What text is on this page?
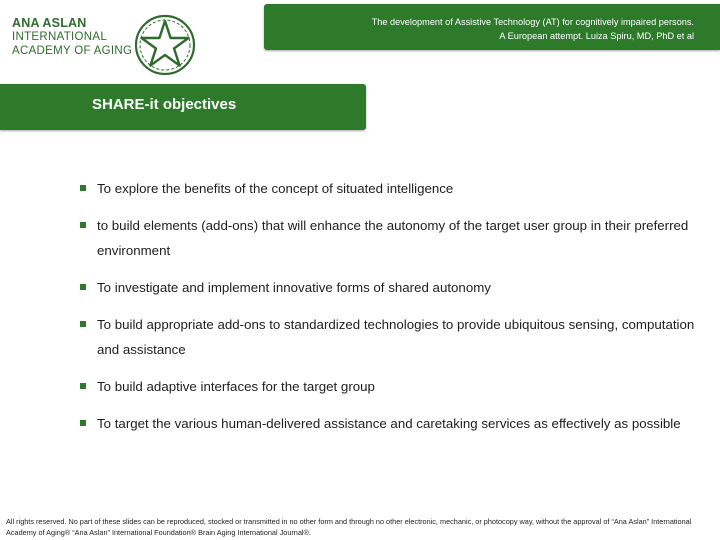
ANA ASLAN
INTERNATIONAL
ACADEMY OF AGING
The development of Assistive Technology (AT) for cognitively impaired persons.
A European attempt. Luiza Spiru, MD, PhD et al
SHARE-it objectives
To explore the benefits of the concept of situated intelligence
to build elements (add-ons) that will enhance the autonomy of the target user group in their preferred environment
To investigate and implement innovative forms of shared autonomy
To build appropriate add-ons to standardized technologies to provide ubiquitous sensing, computation and assistance
To build adaptive interfaces for the target group
To target the various human-delivered assistance and caretaking services as effectively as possible
All rights reserved. No part of these slides can be reproduced, stocked or transmitted in no other form and through no other electronic, mechanic, or photocopy way, without the approval of “Ana Aslan” International Academy of Aging® “Ana Aslan” International Foundation® Brain Aging International Journal®.
